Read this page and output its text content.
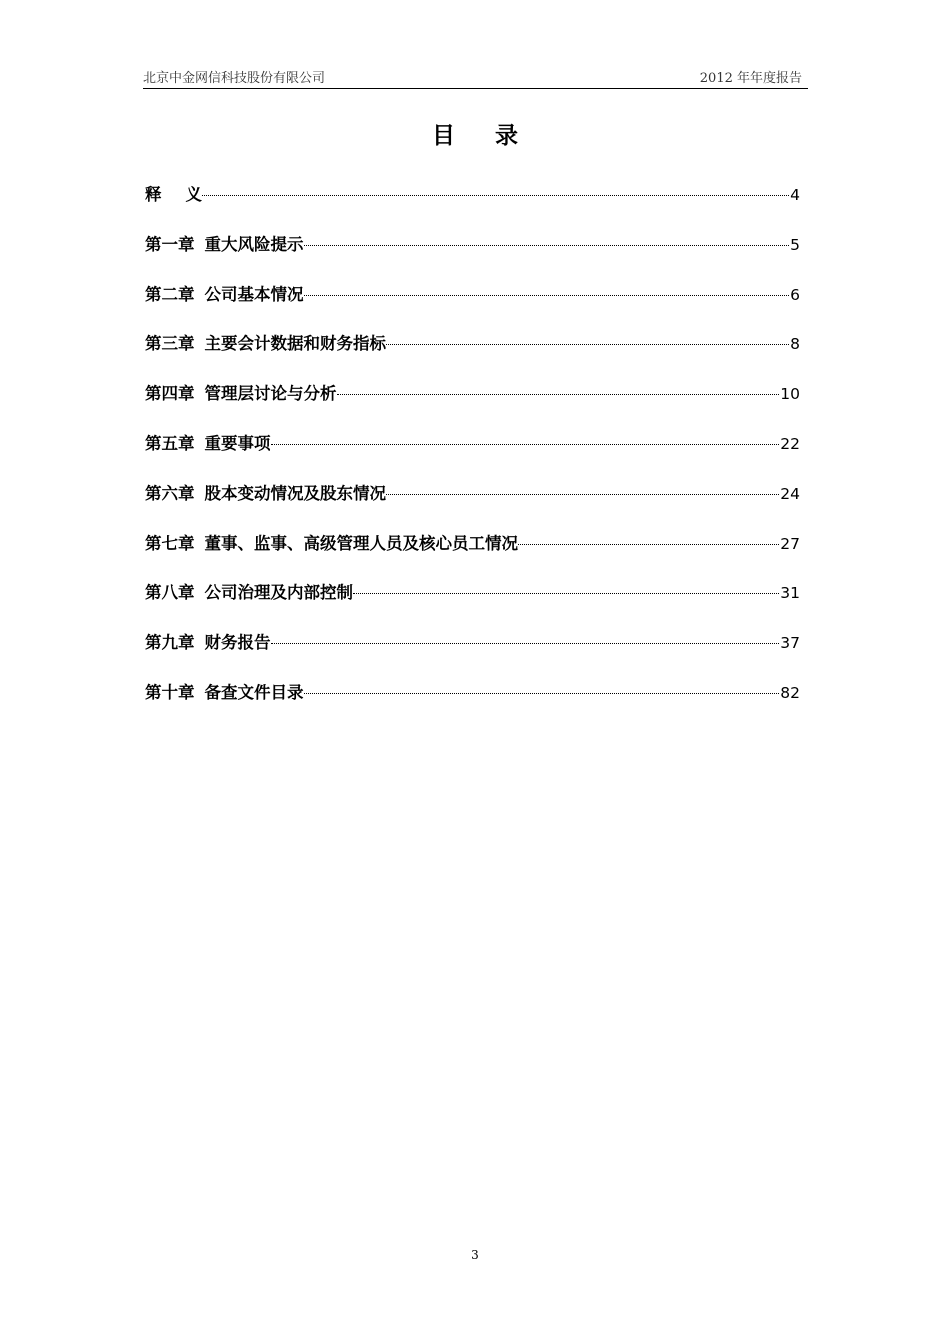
北京中金网信科技股份有限公司	2012 年年度报告
目 录
释 义	4
第一章 重大风险提示	5
第二章 公司基本情况	6
第三章 主要会计数据和财务指标	8
第四章 管理层讨论与分析	10
第五章 重要事项	22
第六章 股本变动情况及股东情况	24
第七章 董事、监事、高级管理人员及核心员工情况	27
第八章 公司治理及内部控制	31
第九章 财务报告	37
第十章 备查文件目录	82
3
